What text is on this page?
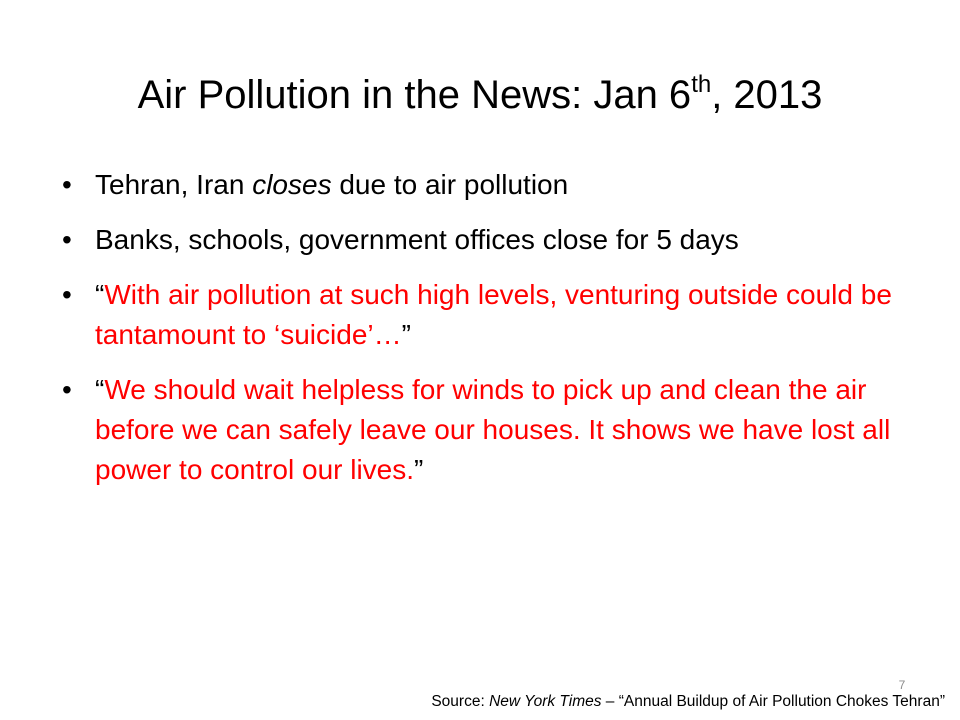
Air Pollution in the News: Jan 6th, 2013
• Tehran, Iran closes due to air pollution
• Banks, schools, government offices close for 5 days
• “With air pollution at such high levels, venturing outside could be tantamount to ‘suicide’…”
• “We should wait helpless for winds to pick up and clean the air before we can safely leave our houses. It shows we have lost all power to control our lives.”
7
Source: New York Times – “Annual Buildup of Air Pollution Chokes Tehran”
